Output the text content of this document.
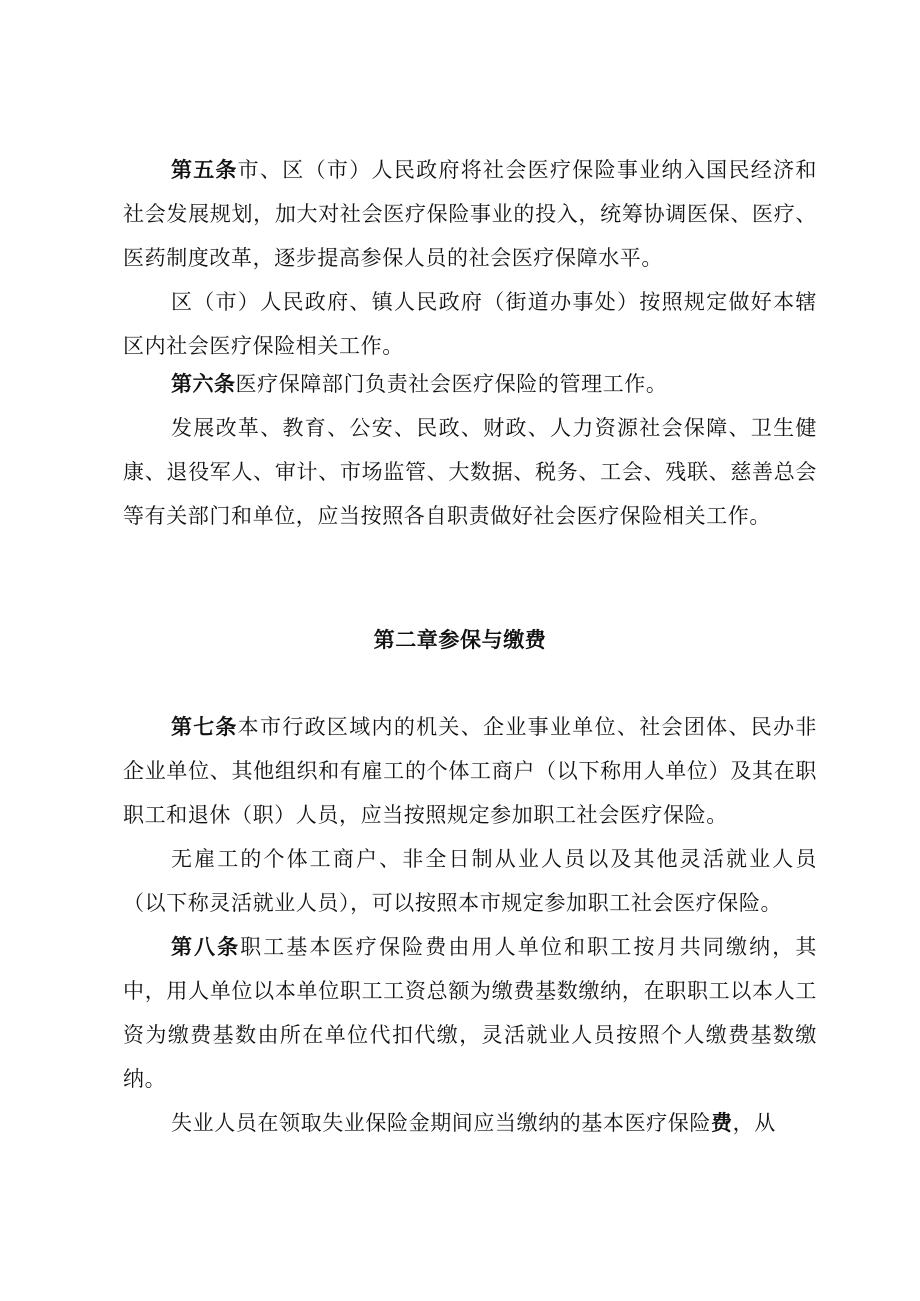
第五条市、区（市）人民政府将社会医疗保险事业纳入国民经济和社会发展规划，加大对社会医疗保险事业的投入，统筹协调医保、医疗、医药制度改革，逐步提高参保人员的社会医疗保障水平。

区（市）人民政府、镇人民政府（街道办事处）按照规定做好本辖区内社会医疗保险相关工作。

第六条医疗保障部门负责社会医疗保险的管理工作。

发展改革、教育、公安、民政、财政、人力资源社会保障、卫生健康、退役军人、审计、市场监管、大数据、税务、工会、残联、慈善总会等有关部门和单位，应当按照各自职责做好社会医疗保险相关工作。

第二章参保与缴费

第七条本市行政区域内的机关、企业事业单位、社会团体、民办非企业单位、其他组织和有雇工的个体工商户（以下称用人单位）及其在职职工和退休（职）人员，应当按照规定参加职工社会医疗保险。

无雇工的个体工商户、非全日制从业人员以及其他灵活就业人员（以下称灵活就业人员），可以按照本市规定参加职工社会医疗保险。

第八条职工基本医疗保险费由用人单位和职工按月共同缴纳，其中，用人单位以本单位职工工资总额为缴费基数缴纳，在职职工以本人工资为缴费基数由所在单位代扣代缴，灵活就业人员按照个人缴费基数缴纳。

失业人员在领取失业保险金期间应当缴纳的基本医疗保险费，从
